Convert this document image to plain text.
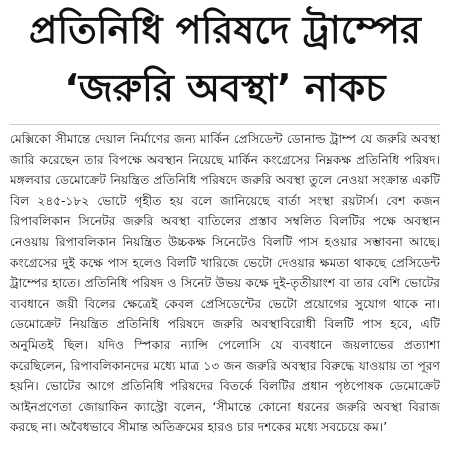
প্রতিনিধি পরিষদে ট্রাম্পের
‘জরুরি অবস্থা’ নাকচ

মেক্সিকো সীমান্তে দেয়াল নির্মাণের জন্য মার্কিন প্রেসিডেন্ট ডোনাল্ড ট্রাম্প যে জরুরি অবস্থা জারি করেছেন তার বিপক্ষে অবস্থান নিয়েছে মার্কিন কংগ্রেসের নিম্নকক্ষ প্রতিনিধি পরিষদ। মঙ্গলবার ডেমোক্রেট নিয়ন্ত্রিত প্রতিনিধি পরিষদে জরুরি অবস্থা তুলে নেওয়া সংক্রান্ত একটি বিল ২৪৫-১৮২ ভোটে গৃহীত হয় বলে জানিয়েছে বার্তা সংস্থা রয়টার্স। বেশ কজন রিপাবলিকান সিনেটর জরুরি অবস্থা বাতিলের প্রস্তাব সম্বলিত বিলটির পক্ষে অবস্থান নেওয়ায় রিপাবলিকান নিয়ন্ত্রিত উচ্চকক্ষ সিনেটেও বিলটি পাস হওয়ার সম্ভাবনা আছে। কংগ্রেসের দুই কক্ষে পাস হলেও বিলটি খারিজে ভেটো দেওয়ার ক্ষমতা থাকছে প্রেসিডেন্ট ট্রাম্পের হাতে। প্রতিনিধি পরিষদ ও সিনেট উভয় কক্ষে দুই-তৃতীয়াংশ বা তার বেশি ভোটের ব্যবধানে জয়ী বিলের ক্ষেত্রেই কেবল প্রেসিডেন্টের ভেটো প্রয়োগের সুযোগ থাকে না। ডেমোক্রেট নিয়ন্ত্রিত প্রতিনিধি পরিষদে জরুরি অবস্থাবিরোধী বিলটি পাস হবে, এটি অনুমিতই ছিল। যদিও স্পিকার ন্যান্সি পেলোসি যে ব্যবধানে জয়লাভের প্রত্যাশা করেছিলেন, রিপাবলিকানদের মধ্যে মাত্র ১৩ জন জরুরি অবস্থার বিরুদ্ধে যাওয়ায় তা পূরণ হয়নি। ভোটের আগে প্রতিনিধি পরিষদের বিতর্কে বিলটির প্রধান পৃষ্ঠপোষক ডেমোক্রেট আইনপ্রণেতা জোয়াকিন ক্যাস্ট্রো বলেন, ‘সীমান্তে কোনো ধরনের জরুরি অবস্থা বিরাজ করছে না। অবৈধভাবে সীমান্ত অতিক্রমের হারও চার দশকের মধ্যে সবচেয়ে কম।’
